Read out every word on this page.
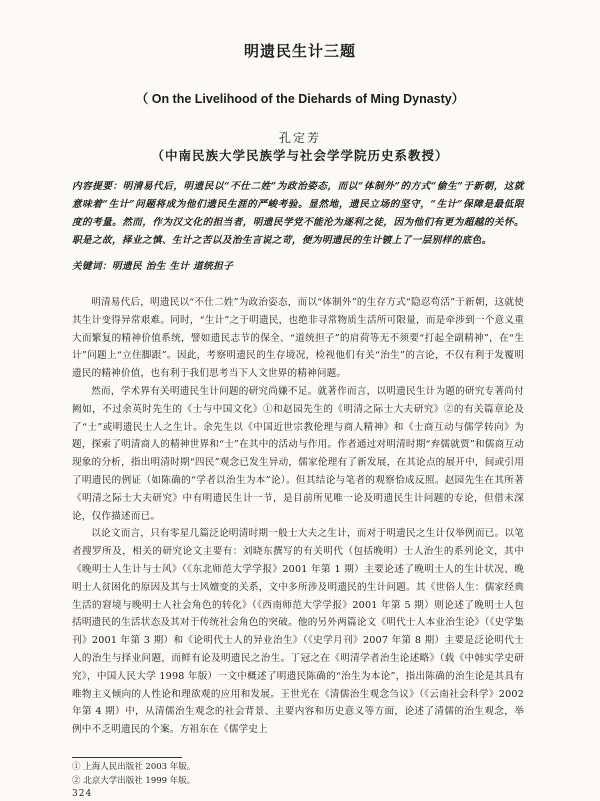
明遗民生计三题
（ On the Livelihood of the Diehards of Ming Dynasty）
孔定芳
（中南民族大学民族学与社会学学院历史系教授）
内容提要：明清易代后，明遗民以“不仕二姓”为政治姿态，而以“体制外”的方式“偷生”于新朝，这就意味着“生计”问题将成为他们遗民生涯的严峻考验。显然地，遗民立场的坚守，“生计”保障是最低限度的考量。然而，作为汉文化的担当者，明遗民学党不能沦为逐利之徒，因为他们有更为超越的关怀。职是之故，择业之慎、生计之苦以及治生言说之苛，便为明遗民的生计镀上了一层别样的底色。
关键词：明遗民 治生 生计 道统担子

明清易代后，明遗民以“不仕二姓”为政治姿态，而以“体制外”的生存方式“隐忍苟活”于新朝，这就使其生计变得异常艰难。同时，“生计”之于明遗民，也绝非寻常物质生活所可限量，而是牵涉到一个意义重大而繁复的精神价值系统，譬如遗民志节的保全、“道统担子”的肩荷等无不须要“打起全副精神”，在“生计”问题上“立住脚跟”。因此，考察明遗民的生存境况，检视他们有关“治生”的言论，不仅有利于发覆明遗民的精神价值，也有利于我们思考当下人文世界的精神问题。

然而，学术界有关明遗民生计问题的研究尚嫌不足。就著作而言，以明遗民生计为题的研究专著尚付阙如，不过余英时先生的《士与中国文化》①和赵园先生的《明清之际士大夫研究》②的有关篇章论及了“士”或明遗民士人之生计。余先生以《中国近世宗教伦理与商人精神》和《士商互动与儒学转向》为题，探索了明清商人的精神世界和“士”在其中的活动与作用。作者通过对明清时期“弃儒就贾”和儒商互动现象的分析，指出明清时期“四民”观念已发生异动，儒家伦理有了新发展，在其论点的展开中，间或引用了明遗民的例证（如陈确的“学者以治生为本”论）。但其结论与笔者的观察恰成反照。赵园先生在其所著《明清之际士大夫研究》中有明遗民生计一节，是目前所见唯一论及明遗民生计问题的专论，但借未深论，仅作描述而已。

以论文而言，只有零星几篇泛论明清时期一般士大夫之生计，而对于明遗民之生计仅举例而已。以笔者搜罗所及，相关的研究论文主要有：刘晓东撰写的有关明代（包括晚明）士人治生的系列论文，其中《晚明士人生计与士风》（《东北师范大学学报》2001 年第 1 期）主要论述了晚明士人的生计状况、晚明士人贫困化的原因及其与士风嬗变的关系，文中多所涉及明遗民的生计问题。其《世俗人生：儒家经典生活的窘境与晚明士人社会角色的转化》（《西南师范大学学报》2001 年第 5 期）则论述了晚明士人包括明遗民的生活状态及其对于传统社会角色的突破。他的另外两篇论文《明代士人本业治生论》（《史学集刊》2001 年第 3 期）和《论明代士人的异业治生》（《史学月刊》2007 年第 8 期）主要是泛论明代士人的治生与择业问题，而鲜有论及明遗民之治生。丁冠之在《明清学者治生论述略》（载《中韩实学史研究》，中国人民大学 1998 年版）一文中概述了明遗民陈确的“治生为本论”，指出陈确的治生论是其具有唯物主义倾向的人性论和理欲观的应用和发展。王世光在《清儒治生观念刍议》（《云南社会科学》2002 年第 4 期）中，从清儒治生观念的社会背景、主要内容和历史意义等方面，论述了清儒的治生观念，举例中不乏明遗民的个案。方祖东在《儒学史上

① 上海人民出版社 2003 年版。
② 北京大学出版社 1999 年版。
324
